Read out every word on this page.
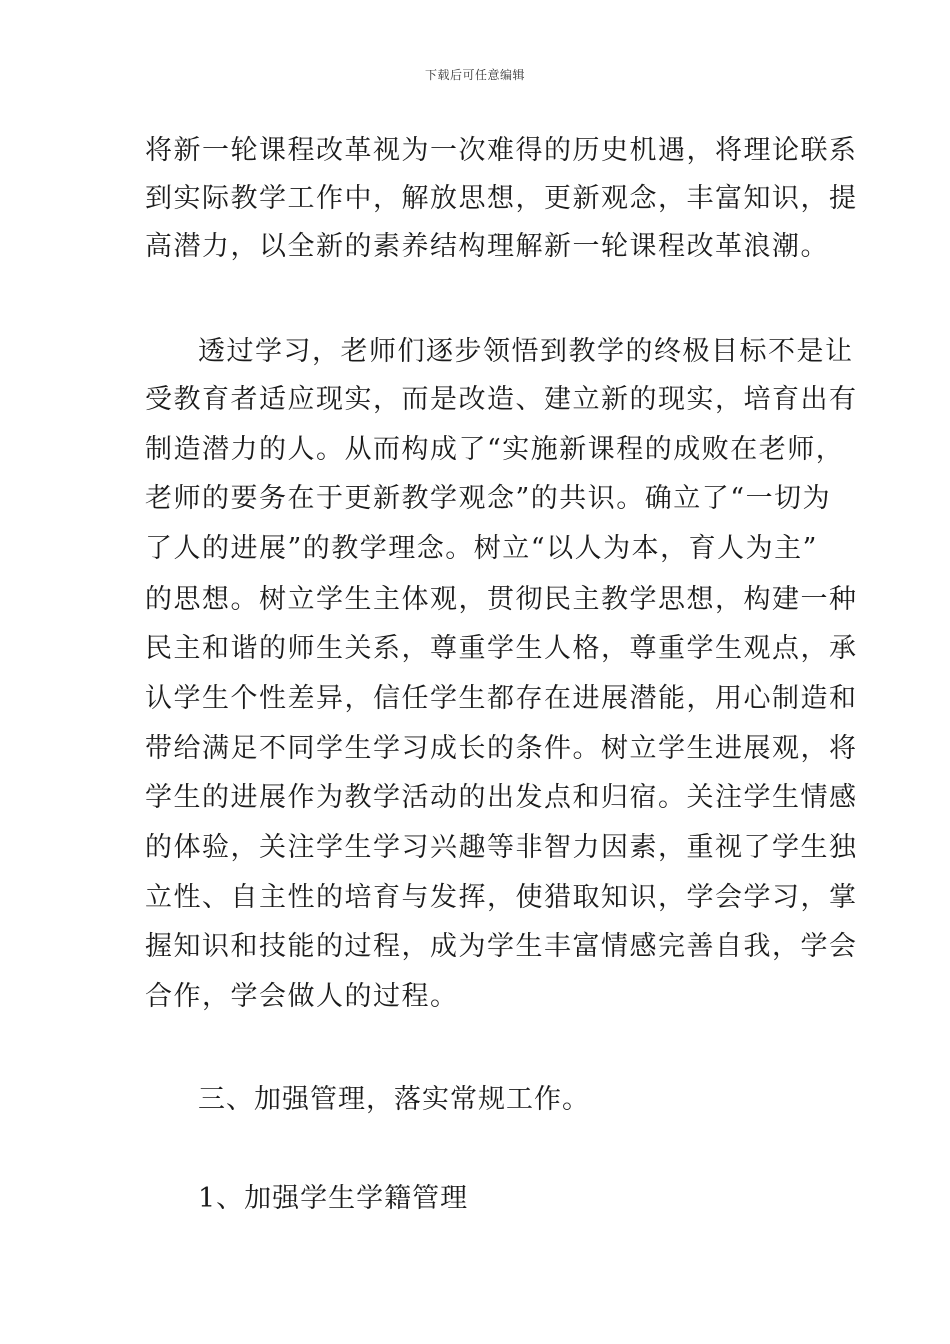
下载后可任意编辑
将新一轮课程改革视为一次难得的历史机遇，将理论联系
到实际教学工作中，解放思想，更新观念，丰富知识，提
高潜力，以全新的素养结构理解新一轮课程改革浪潮。
透过学习，老师们逐步领悟到教学的终极目标不是让
受教育者适应现实，而是改造、建立新的现实，培育出有
制造潜力的人。从而构成了“实施新课程的成败在老师，
老师的要务在于更新教学观念”的共识。确立了“一切为
了人的进展”的教学理念。树立“以人为本，育人为主”
的思想。树立学生主体观，贯彻民主教学思想，构建一种
民主和谐的师生关系，尊重学生人格，尊重学生观点，承
认学生个性差异，信任学生都存在进展潜能，用心制造和
带给满足不同学生学习成长的条件。树立学生进展观，将
学生的进展作为教学活动的出发点和归宿。关注学生情感
的体验，关注学生学习兴趣等非智力因素，重视了学生独
立性、自主性的培育与发挥，使猎取知识，学会学习，掌
握知识和技能的过程，成为学生丰富情感完善自我，学会
合作，学会做人的过程。
三、加强管理，落实常规工作。
1、加强学生学籍管理
